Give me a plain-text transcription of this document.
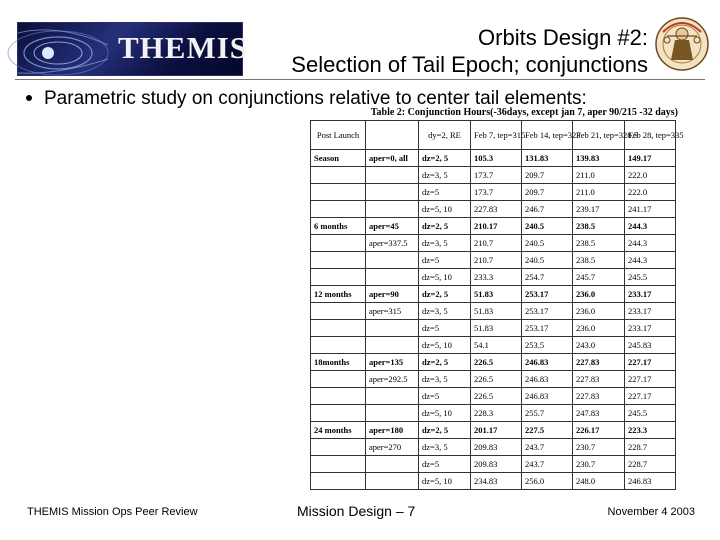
THEMIS	Orbits Design #2:
Selection of Tail Epoch; conjunctions
Parametric study on conjunctions relative to center tail elements:
Table 2: Conjunction Hours(-36days, except jan 7, aper 90/215 -32 days)
Post Launch		dy=2, RE	Feb 7, tep=315	Feb 14, tep=323	Feb 21, tep=328.5	Feb 28, tep=335
Season	aper=0, all	dz=2, 5	105.3	131.83	139.83	149.17
		dz=3, 5	173.7	209.7	211.0	222.0
		dz=5	173.7	209.7	211.0	222.0
		dz=5, 10	227.83	246.7	239.17	241.17
6 months	aper=45	dz=2, 5	210.17	240.5	238.5	244.3
	aper=337.5	dz=3, 5	210.7	240.5	238.5	244.3
		dz=5	210.7	240.5	238.5	244.3
		dz=5, 10	233.3	254.7	245.7	245.5
12 months	aper=90	dz=2, 5	51.83	253.17	236.0	233.17
	aper=315	dz=3, 5	51.83	253.17	236.0	233.17
		dz=5	51.83	253.17	236.0	233.17
		dz=5, 10	54.1	253.5	243.0	245.83
18months	aper=135	dz=2, 5	226.5	246.83	227.83	227.17
	aper=292.5	dz=3, 5	226.5	246.83	227.83	227.17
		dz=5	226.5	246.83	227.83	227.17
		dz=5, 10	228.3	255.7	247.83	245.5
24 months	aper=180	dz=2, 5	201.17	227.5	226.17	223.3
	aper=270	dz=3, 5	209.83	243.7	230.7	228.7
		dz=5	209.83	243.7	230.7	228.7
		dz=5, 10	234.83	256.0	248.0	246.83
THEMIS Mission Ops Peer Review	Mission Design – 7	November 4 2003
